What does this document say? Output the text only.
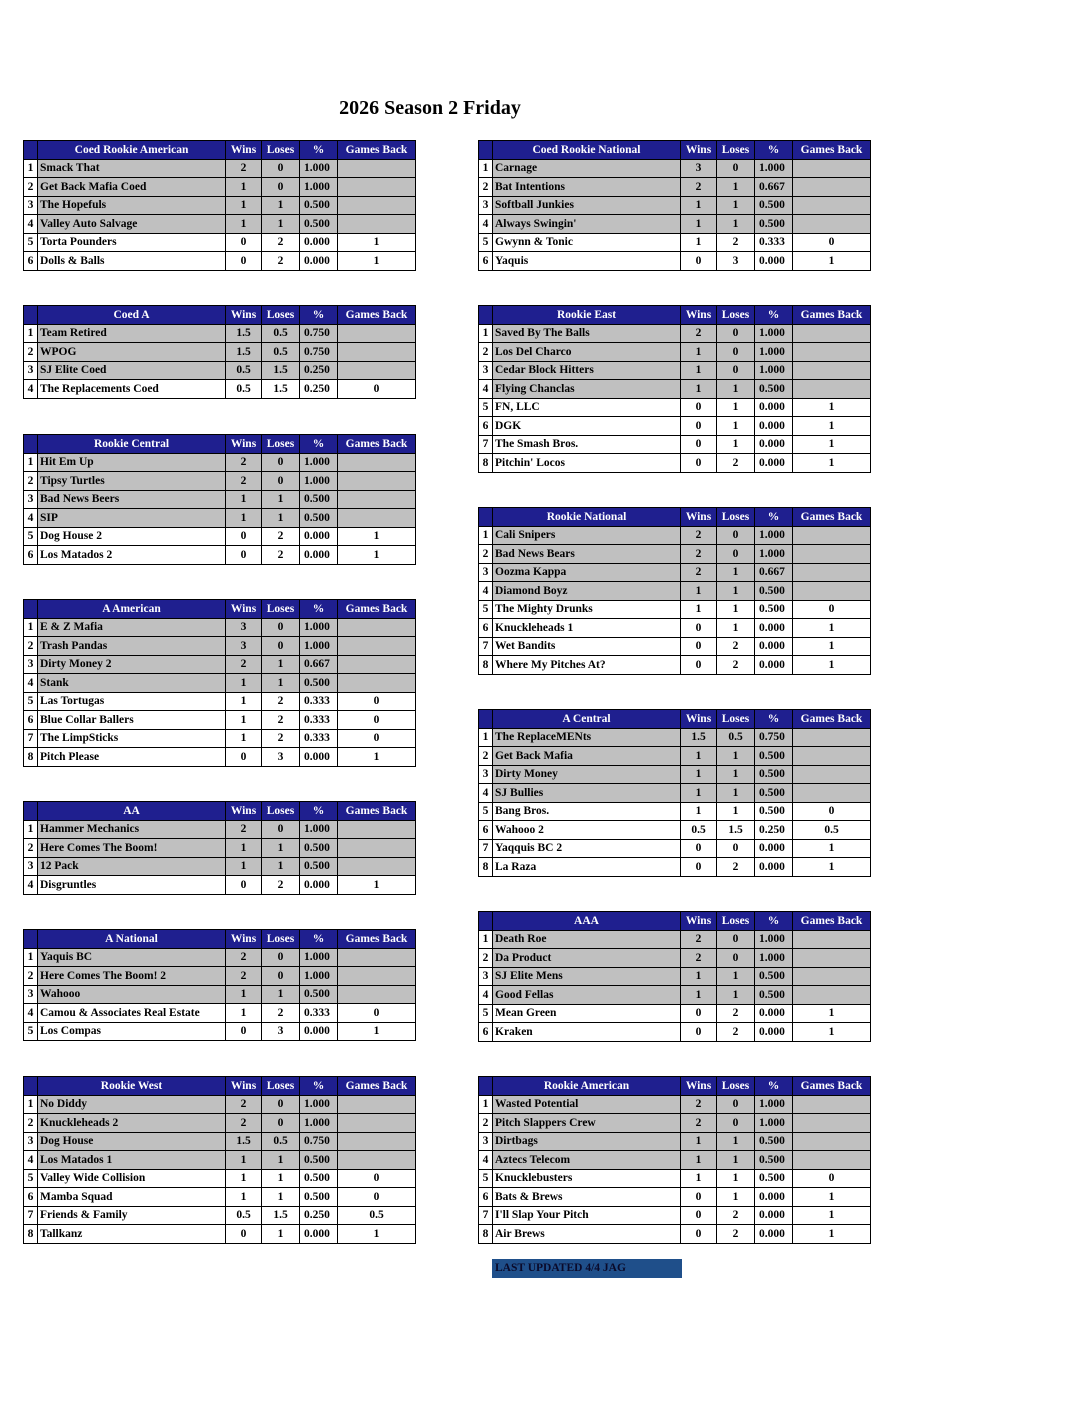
2026 Season 2 Friday
	Coed Rookie American	Wins	Loses	%	Games Back
1	Smack That	2	0	1.000	
2	Get Back Mafia Coed	1	0	1.000	
3	The Hopefuls	1	1	0.500	
4	Valley Auto Salvage	1	1	0.500	
5	Torta Pounders	0	2	0.000	1
6	Dolls & Balls	0	2	0.000	1
	Coed Rookie National	Wins	Loses	%	Games Back
1	Carnage	3	0	1.000	
2	Bat Intentions	2	1	0.667	
3	Softball Junkies	1	1	0.500	
4	Always Swingin'	1	1	0.500	
5	Gwynn & Tonic	1	2	0.333	0
6	Yaquis	0	3	0.000	1
	Coed A	Wins	Loses	%	Games Back
1	Team Retired	1.5	0.5	0.750	
2	WPOG	1.5	0.5	0.750	
3	SJ Elite Coed	0.5	1.5	0.250	
4	The Replacements Coed	0.5	1.5	0.250	0
	Rookie East	Wins	Loses	%	Games Back
1	Saved By The Balls	2	0	1.000	
2	Los Del Charco	1	0	1.000	
3	Cedar Block Hitters	1	0	1.000	
4	Flying Chanclas	1	1	0.500	
5	FN, LLC	0	1	0.000	1
6	DGK	0	1	0.000	1
7	The Smash Bros.	0	1	0.000	1
8	Pitchin' Locos	0	2	0.000	1
	Rookie Central	Wins	Loses	%	Games Back
1	Hit Em Up	2	0	1.000	
2	Tipsy Turtles	2	0	1.000	
3	Bad News Beers	1	1	0.500	
4	SIP	1	1	0.500	
5	Dog House 2	0	2	0.000	1
6	Los Matados 2	0	2	0.000	1
	Rookie National	Wins	Loses	%	Games Back
1	Cali Snipers	2	0	1.000	
2	Bad News Bears	2	0	1.000	
3	Oozma Kappa	2	1	0.667	
4	Diamond Boyz	1	1	0.500	
5	The Mighty Drunks	1	1	0.500	0
6	Knuckleheads 1	0	1	0.000	1
7	Wet Bandits	0	2	0.000	1
8	Where My Pitches At?	0	2	0.000	1
	A American	Wins	Loses	%	Games Back
1	E & Z Mafia	3	0	1.000	
2	Trash Pandas	3	0	1.000	
3	Dirty Money 2	2	1	0.667	
4	Stank	1	1	0.500	
5	Las Tortugas	1	2	0.333	0
6	Blue Collar Ballers	1	2	0.333	0
7	The LimpSticks	1	2	0.333	0
8	Pitch Please	0	3	0.000	1
	A Central	Wins	Loses	%	Games Back
1	The ReplaceMENts	1.5	0.5	0.750	
2	Get Back Mafia	1	1	0.500	
3	Dirty Money	1	1	0.500	
4	SJ Bullies	1	1	0.500	
5	Bang Bros.	1	1	0.500	0
6	Wahooo 2	0.5	1.5	0.250	0.5
7	Yaqquis BC 2	0	0	0.000	1
8	La Raza	0	2	0.000	1
	AA	Wins	Loses	%	Games Back
1	Hammer Mechanics	2	0	1.000	
2	Here Comes The Boom!	1	1	0.500	
3	12 Pack	1	1	0.500	
4	Disgruntles	0	2	0.000	1
	AAA	Wins	Loses	%	Games Back
1	Death Roe	2	0	1.000	
2	Da Product	2	0	1.000	
3	SJ Elite Mens	1	1	0.500	
4	Good Fellas	1	1	0.500	
5	Mean Green	0	2	0.000	1
6	Kraken	0	2	0.000	1
	A National	Wins	Loses	%	Games Back
1	Yaquis BC	2	0	1.000	
2	Here Comes The Boom! 2	2	0	1.000	
3	Wahooo	1	1	0.500	
4	Camou & Associates Real Estate	1	2	0.333	0
5	Los Compas	0	3	0.000	1
	Rookie West	Wins	Loses	%	Games Back
1	No Diddy	2	0	1.000	
2	Knuckleheads 2	2	0	1.000	
3	Dog House	1.5	0.5	0.750	
4	Los Matados 1	1	1	0.500	
5	Valley Wide Collision	1	1	0.500	0
6	Mamba Squad	1	1	0.500	0
7	Friends & Family	0.5	1.5	0.250	0.5
8	Tallkanz	0	1	0.000	1
	Rookie American	Wins	Loses	%	Games Back
1	Wasted Potential	2	0	1.000	
2	Pitch Slappers Crew	2	0	1.000	
3	Dirtbags	1	1	0.500	
4	Aztecs Telecom	1	1	0.500	
5	Knucklebusters	1	1	0.500	0
6	Bats & Brews	0	1	0.000	1
7	I'll Slap Your Pitch	0	2	0.000	1
8	Air Brews	0	2	0.000	1
LAST UPDATED 4/4 JAG
